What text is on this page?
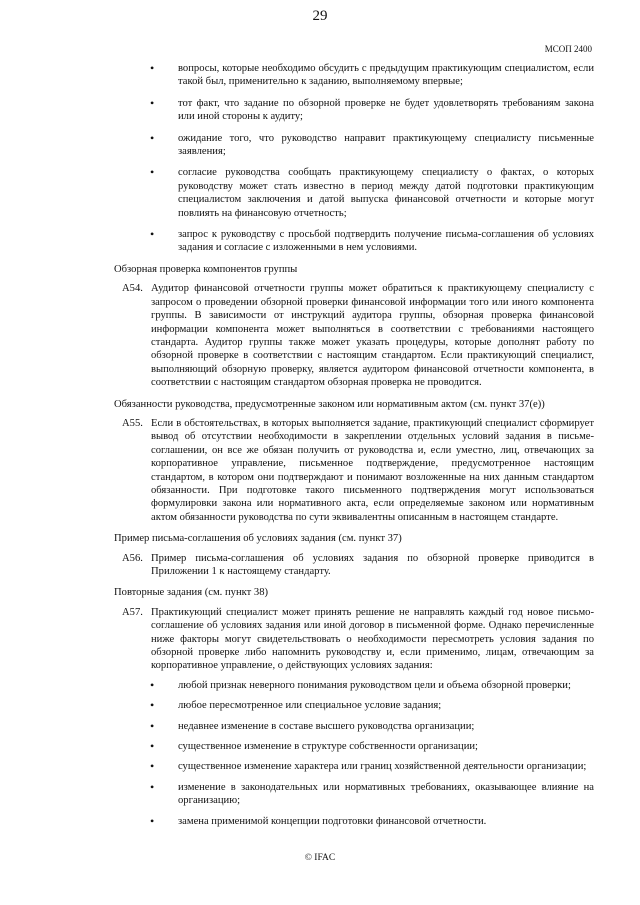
29
МСОП 2400
• вопросы, которые необходимо обсудить с предыдущим практикующим специалистом, если такой был, применительно к заданию, выполняемому впервые;
• тот факт, что задание по обзорной проверке не будет удовлетворять требованиям закона или иной стороны к аудиту;
• ожидание того, что руководство направит практикующему специалисту письменные заявления;
• согласие руководства сообщать практикующему специалисту о фактах, о которых руководству может стать известно в период между датой подготовки практикующим специалистом заключения и датой выпуска финансовой отчетности и которые могут повлиять на финансовую отчетность;
• запрос к руководству с просьбой подтвердить получение письма-соглашения об условиях задания и согласие с изложенными в нем условиями.
Обзорная проверка компонентов группы
A54. Аудитор финансовой отчетности группы может обратиться к практикующему специалисту с запросом о проведении обзорной проверки финансовой информации того или иного компонента группы. В зависимости от инструкций аудитора группы, обзорная проверка финансовой информации компонента может выполняться в соответствии с требованиями настоящего стандарта. Аудитор группы также может указать процедуры, которые дополнят работу по обзорной проверке в соответствии с настоящим стандартом. Если практикующий специалист, выполняющий обзорную проверку, является аудитором финансовой отчетности компонента, в соответствии с настоящим стандартом обзорная проверка не проводится.
Обязанности руководства, предусмотренные законом или нормативным актом (см. пункт 37(е))
A55. Если в обстоятельствах, в которых выполняется задание, практикующий специалист сформирует вывод об отсутствии необходимости в закреплении отдельных условий задания в письме-соглашении, он все же обязан получить от руководства и, если уместно, лиц, отвечающих за корпоративное управление, письменное подтверждение, предусмотренное настоящим стандартом, в котором они подтверждают и понимают возложенные на них данным стандартом обязанности. При подготовке такого письменного подтверждения могут использоваться формулировки закона или нормативного акта, если определяемые законом или нормативным актом обязанности руководства по сути эквивалентны описанным в настоящем стандарте.
Пример письма-соглашения об условиях задания (см. пункт 37)
A56. Пример письма-соглашения об условиях задания по обзорной проверке приводится в Приложении 1 к настоящему стандарту.
Повторные задания (см. пункт 38)
A57. Практикующий специалист может принять решение не направлять каждый год новое письмо-соглашение об условиях задания или иной договор в письменной форме. Однако перечисленные ниже факторы могут свидетельствовать о необходимости пересмотреть условия задания по обзорной проверке либо напомнить руководству и, если применимо, лицам, отвечающим за корпоративное управление, о действующих условиях задания:
• любой признак неверного понимания руководством цели и объема обзорной проверки;
• любое пересмотренное или специальное условие задания;
• недавнее изменение в составе высшего руководства организации;
• существенное изменение в структуре собственности организации;
• существенное изменение характера или границ хозяйственной деятельности организации;
• изменение в законодательных или нормативных требованиях, оказывающее влияние на организацию;
• замена применимой концепции подготовки финансовой отчетности.
© IFAC
